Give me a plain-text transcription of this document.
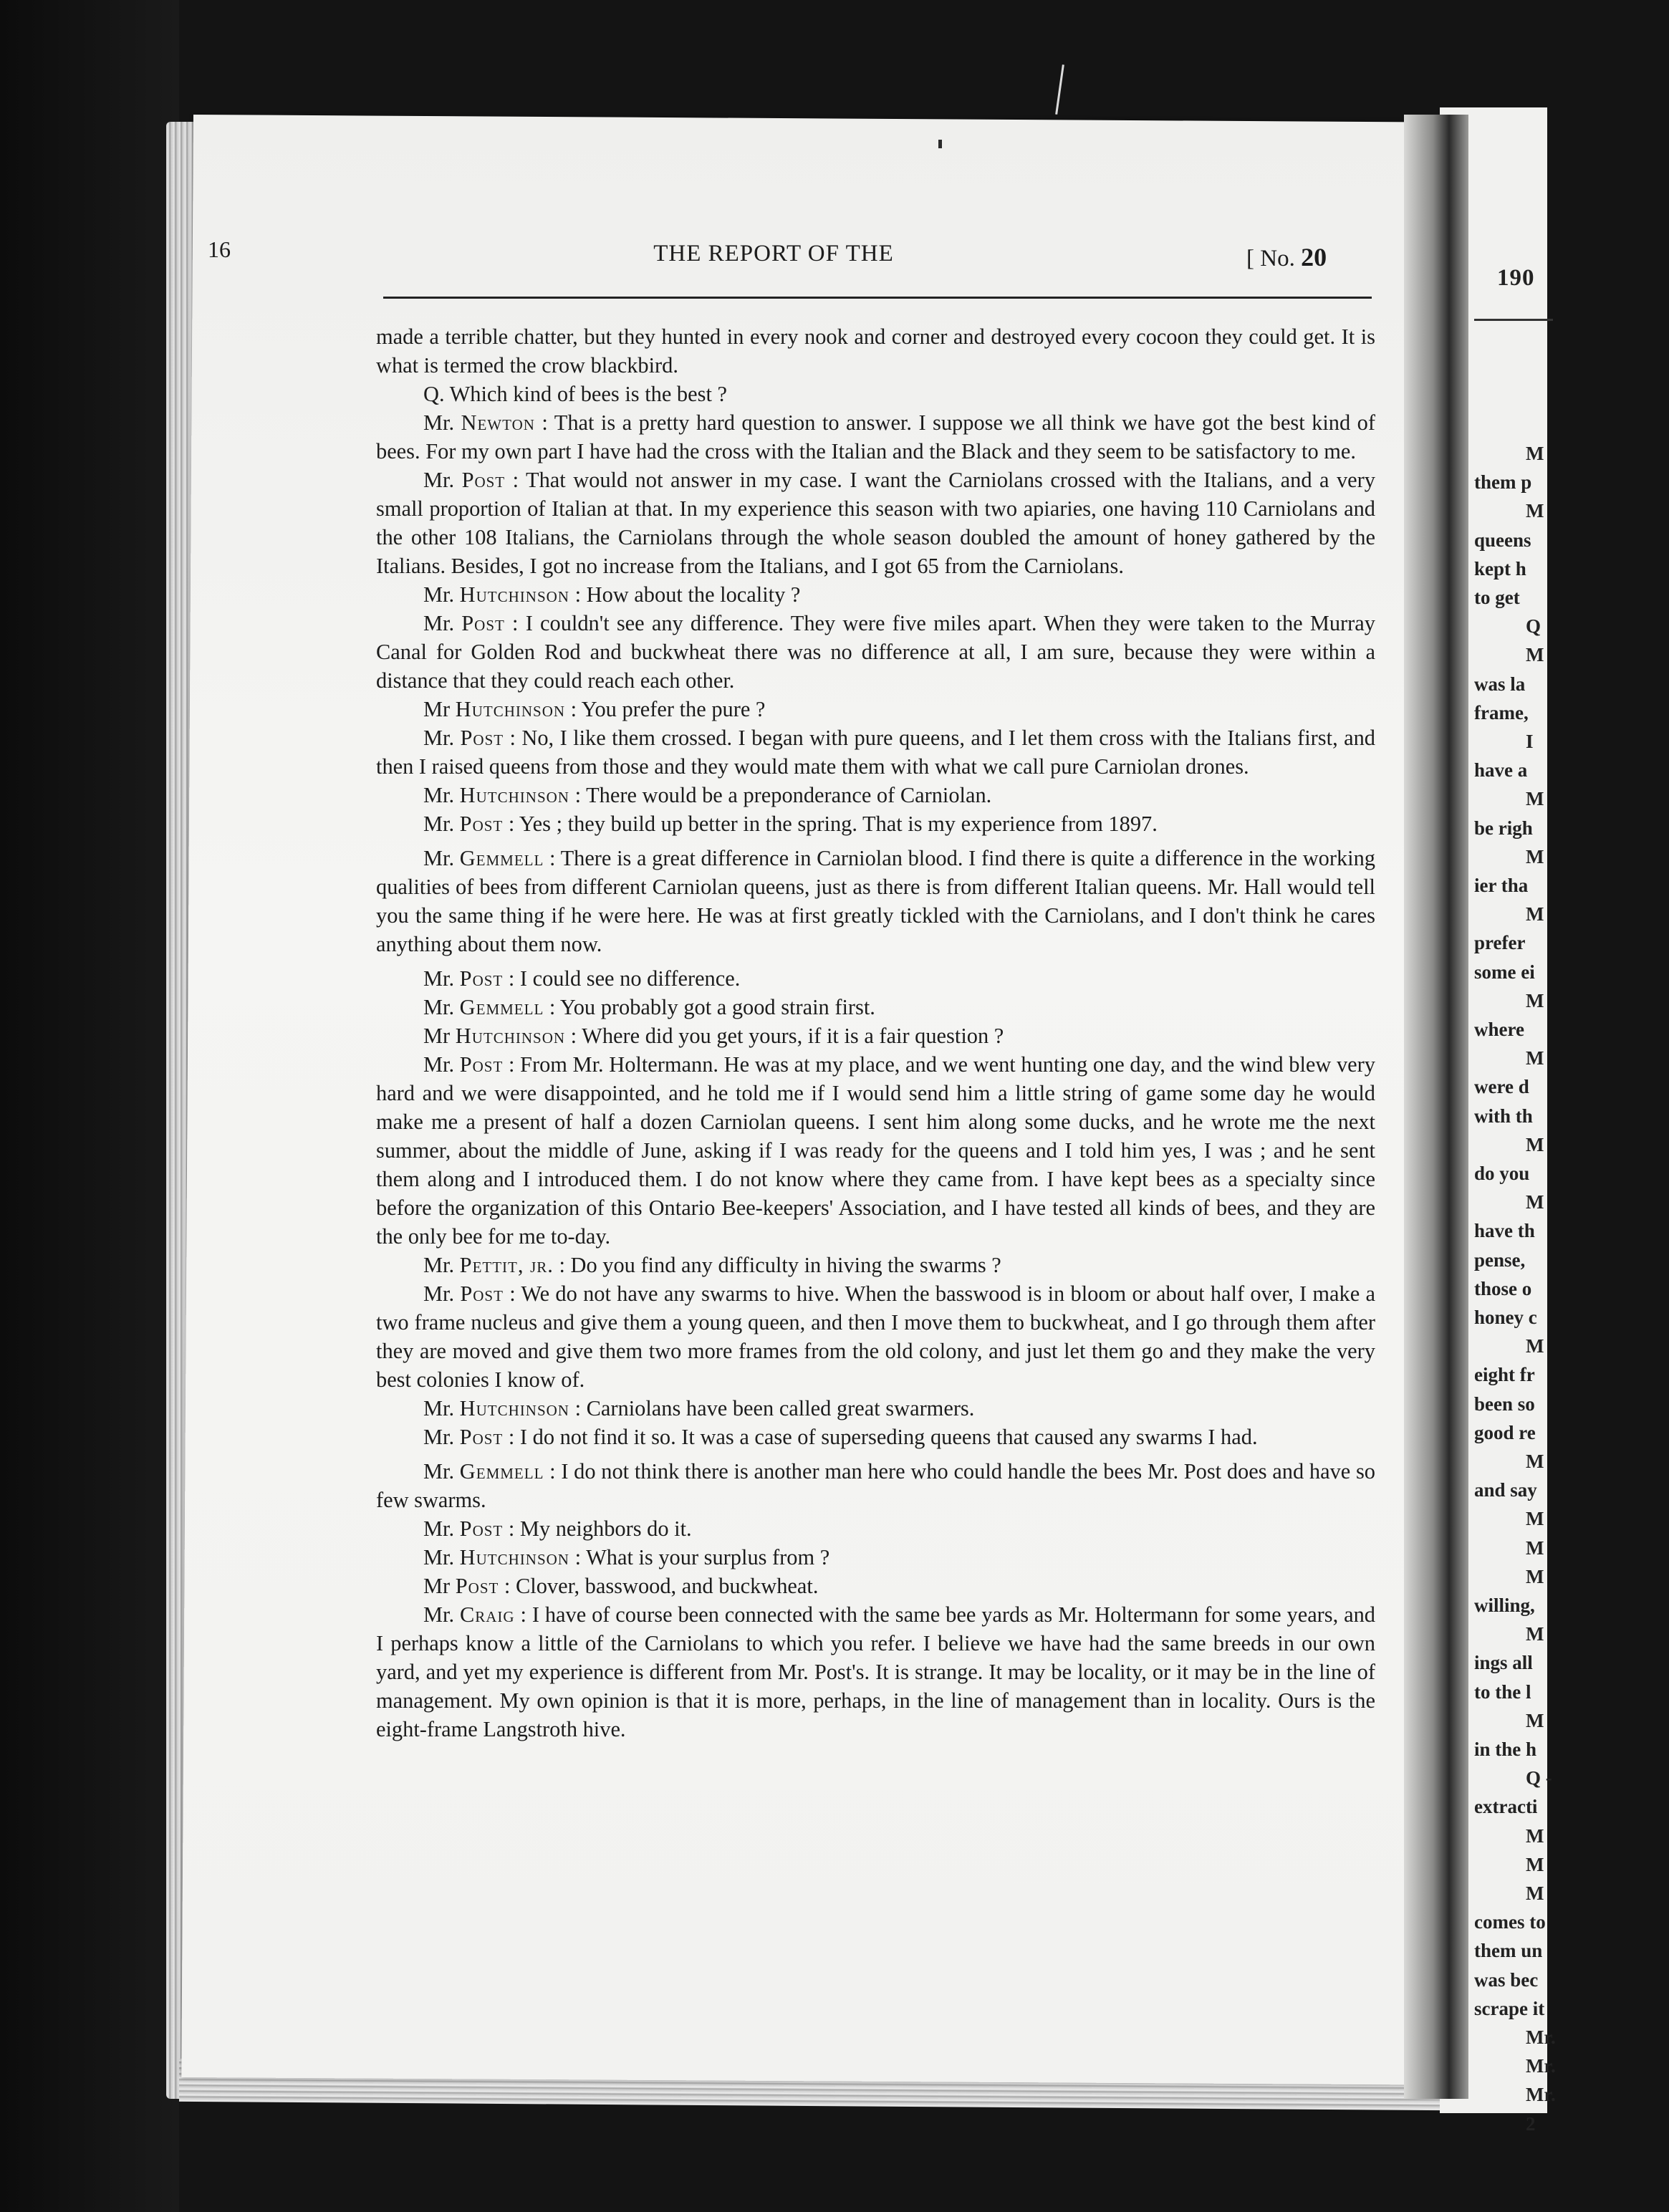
190
M
them p
M
queens
kept h
to get
Q
M
was la
frame,
I
have a
M
be righ
M
ier tha
M
prefer
some ei
M
where
M
were d
with th
M
do you
M
have th
pense,
those o
honey c
M
eight fr
been so
good re
M
and say
M
M
M
willing,
M
ings all
to the l
M
in the h
Q -
extracti
M
M
M
comes to
them un
was bec
scrape it
Mr.
Mr.
Mr.
2
16	THE REPORT OF THE	[ No. 20

made a terrible chatter, but they hunted in every nook and corner and destroyed every cocoon they could get. It is what is termed the crow blackbird.

Q. Which kind of bees is the best ?

Mr. Newton : That is a pretty hard question to answer. I suppose we all think we have got the best kind of bees. For my own part I have had the cross with the Italian and the Black and they seem to be satisfactory to me.

Mr. Post : That would not answer in my case. I want the Carniolans crossed with the Italians, and a very small proportion of Italian at that. In my experience this season with two apiaries, one having 110 Carniolans and the other 108 Italians, the Carniolans through the whole season doubled the amount of honey gathered by the Italians. Besides, I got no increase from the Italians, and I got 65 from the Carniolans.

Mr. Hutchinson : How about the locality ?

Mr. Post : I couldn't see any difference. They were five miles apart. When they were taken to the Murray Canal for Golden Rod and buckwheat there was no difference at all, I am sure, because they were within a distance that they could reach each other.

Mr Hutchinson : You prefer the pure ?

Mr. Post : No, I like them crossed. I began with pure queens, and I let them cross with the Italians first, and then I raised queens from those and they would mate them with what we call pure Carniolan drones.

Mr. Hutchinson : There would be a preponderance of Carniolan.

Mr. Post : Yes ; they build up better in the spring. That is my experience from 1897.

Mr. Gemmell : There is a great difference in Carniolan blood. I find there is quite a difference in the working qualities of bees from different Carniolan queens, just as there is from different Italian queens. Mr. Hall would tell you the same thing if he were here. He was at first greatly tickled with the Carniolans, and I don't think he cares anything about them now.

Mr. Post : I could see no difference.

Mr. Gemmell : You probably got a good strain first.

Mr Hutchinson : Where did you get yours, if it is a fair question ?

Mr. Post : From Mr. Holtermann. He was at my place, and we went hunting one day, and the wind blew very hard and we were disappointed, and he told me if I would send him a little string of game some day he would make me a present of half a dozen Carniolan queens. I sent him along some ducks, and he wrote me the next summer, about the middle of June, asking if I was ready for the queens and I told him yes, I was ; and he sent them along and I introduced them. I do not know where they came from. I have kept bees as a specialty since before the organization of this Ontario Bee-keepers' Association, and I have tested all kinds of bees, and they are the only bee for me to-day.

Mr. Pettit, jr. : Do you find any difficulty in hiving the swarms ?

Mr. Post : We do not have any swarms to hive. When the basswood is in bloom or about half over, I make a two frame nucleus and give them a young queen, and then I move them to buckwheat, and I go through them after they are moved and give them two more frames from the old colony, and just let them go and they make the very best colonies I know of.

Mr. Hutchinson : Carniolans have been called great swarmers.

Mr. Post : I do not find it so. It was a case of superseding queens that caused any swarms I had.

Mr. Gemmell : I do not think there is another man here who could handle the bees Mr. Post does and have so few swarms.

Mr. Post : My neighbors do it.

Mr. Hutchinson : What is your surplus from ?

Mr Post : Clover, basswood, and buckwheat.

Mr. Craig : I have of course been connected with the same bee yards as Mr. Holtermann for some years, and I perhaps know a little of the Carniolans to which you refer. I believe we have had the same breeds in our own yard, and yet my experience is different from Mr. Post's. It is strange. It may be locality, or it may be in the line of management. My own opinion is that it is more, perhaps, in the line of management than in locality. Ours is the eight-frame Langstroth hive.
